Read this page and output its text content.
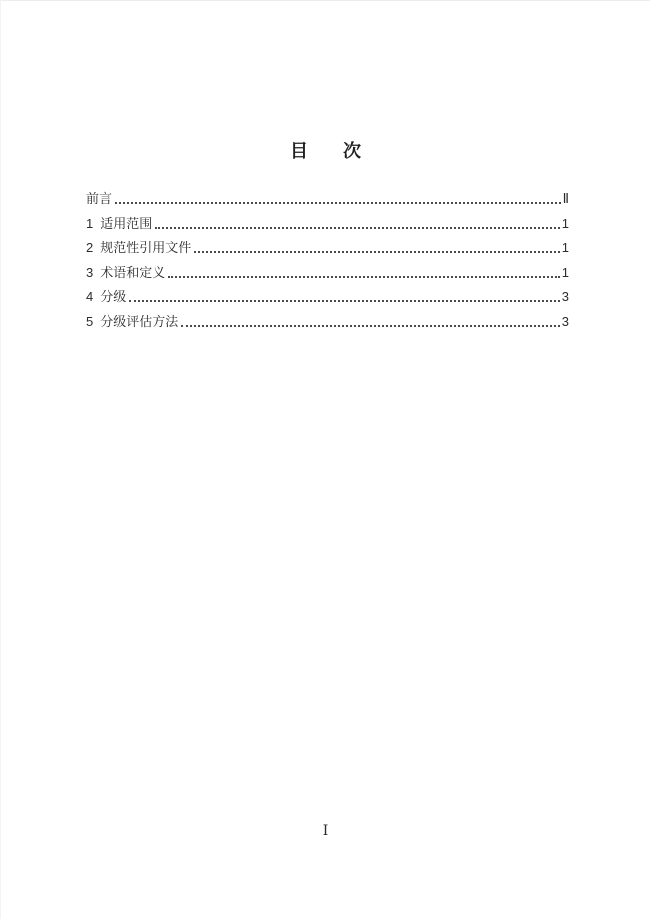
目 次
前言	Ⅱ
1 适用范围	1
2 规范性引用文件	1
3 术语和定义	1
4 分级	3
5 分级评估方法	3
Ⅰ
